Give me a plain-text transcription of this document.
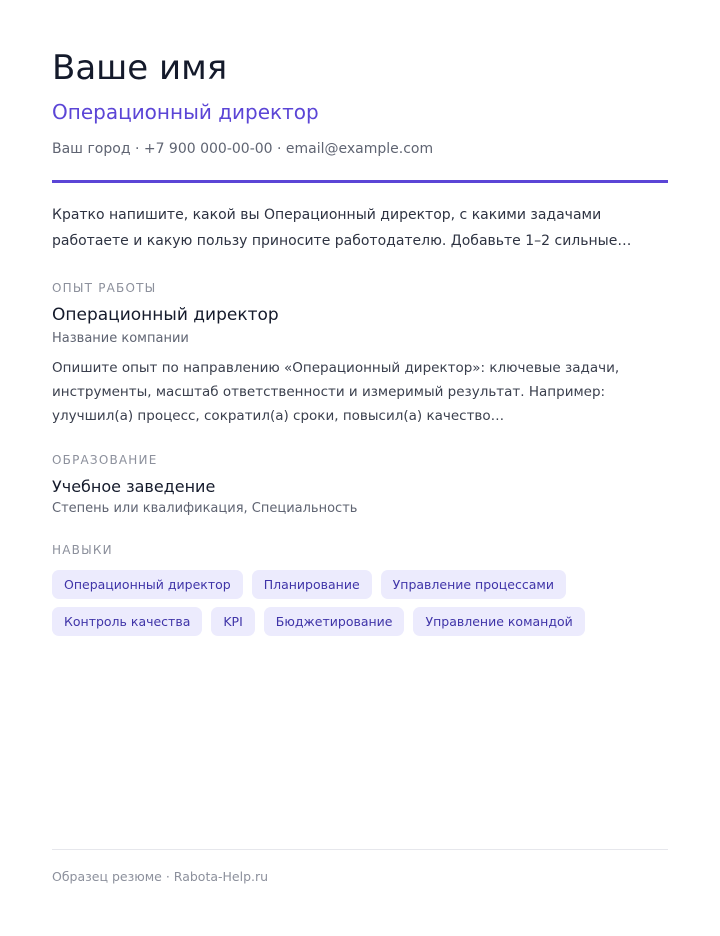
Ваше имя
Операционный директор
Ваш город · +7 900 000-00-00 · email@example.com
Кратко напишите, какой вы Операционный директор, с какими задачами работаете и какую пользу приносите работодателю. Добавьте 1–2 сильные…
ОПЫТ РАБОТЫ
Операционный директор
Название компании
Опишите опыт по направлению «Операционный директор»: ключевые задачи, инструменты, масштаб ответственности и измеримый результат. Например: улучшил(а) процесс, сократил(а) сроки, повысил(а) качество…
ОБРАЗОВАНИЕ
Учебное заведение
Степень или квалификация, Специальность
НАВЫКИ
Операционный директор	Планирование	Управление процессами
Контроль качества	KPI	Бюджетирование	Управление командой
Образец резюме · Rabota-Help.ru
